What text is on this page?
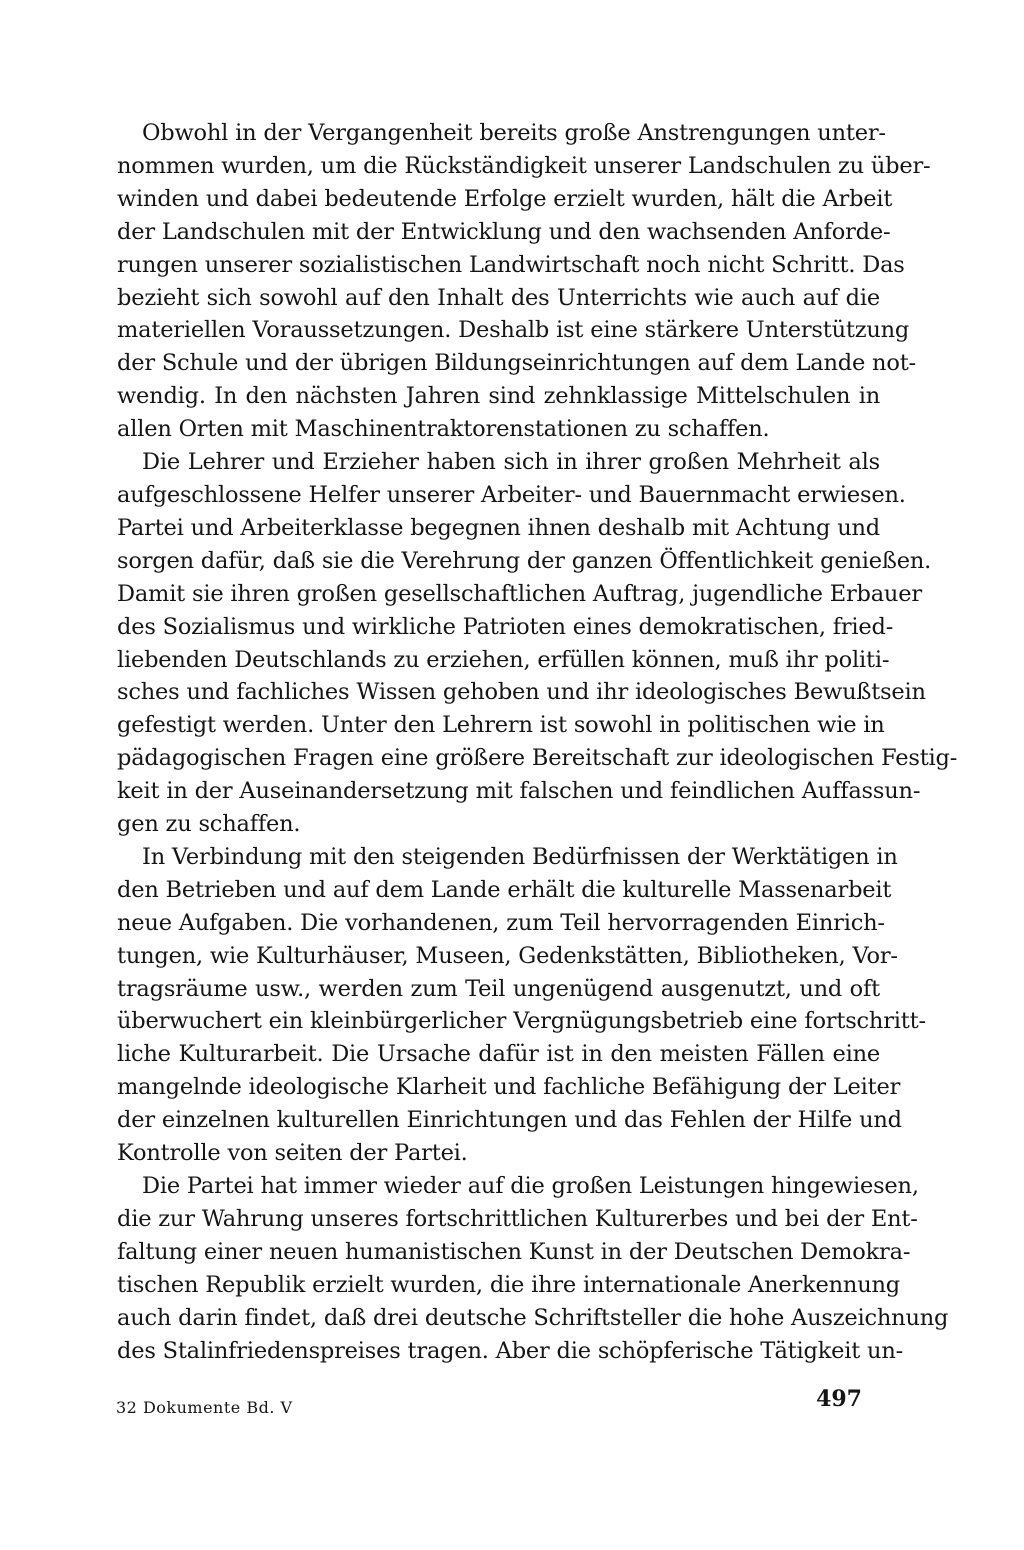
Obwohl in der Vergangenheit bereits große Anstrengungen unter-
nommen wurden, um die Rückständigkeit unserer Landschulen zu über-
winden und dabei bedeutende Erfolge erzielt wurden, hält die Arbeit
der Landschulen mit der Entwicklung und den wachsenden Anforde-
rungen unserer sozialistischen Landwirtschaft noch nicht Schritt. Das
bezieht sich sowohl auf den Inhalt des Unterrichts wie auch auf die
materiellen Voraussetzungen. Deshalb ist eine stärkere Unterstützung
der Schule und der übrigen Bildungseinrichtungen auf dem Lande not-
wendig. In den nächsten Jahren sind zehnklassige Mittelschulen in
allen Orten mit Maschinentraktorenstationen zu schaffen.
Die Lehrer und Erzieher haben sich in ihrer großen Mehrheit als
aufgeschlossene Helfer unserer Arbeiter- und Bauernmacht erwiesen.
Partei und Arbeiterklasse begegnen ihnen deshalb mit Achtung und
sorgen dafür, daß sie die Verehrung der ganzen Öffentlichkeit genießen.
Damit sie ihren großen gesellschaftlichen Auftrag, jugendliche Erbauer
des Sozialismus und wirkliche Patrioten eines demokratischen, fried-
liebenden Deutschlands zu erziehen, erfüllen können, muß ihr politi-
sches und fachliches Wissen gehoben und ihr ideologisches Bewußtsein
gefestigt werden. Unter den Lehrern ist sowohl in politischen wie in
pädagogischen Fragen eine größere Bereitschaft zur ideologischen Festig-
keit in der Auseinandersetzung mit falschen und feindlichen Auffassun-
gen zu schaffen.
In Verbindung mit den steigenden Bedürfnissen der Werktätigen in
den Betrieben und auf dem Lande erhält die kulturelle Massenarbeit
neue Aufgaben. Die vorhandenen, zum Teil hervorragenden Einrich-
tungen, wie Kulturhäuser, Museen, Gedenkstätten, Bibliotheken, Vor-
tragsräume usw., werden zum Teil ungenügend ausgenutzt, und oft
überwuchert ein kleinbürgerlicher Vergnügungsbetrieb eine fortschritt-
liche Kulturarbeit. Die Ursache dafür ist in den meisten Fällen eine
mangelnde ideologische Klarheit und fachliche Befähigung der Leiter
der einzelnen kulturellen Einrichtungen und das Fehlen der Hilfe und
Kontrolle von seiten der Partei.
Die Partei hat immer wieder auf die großen Leistungen hingewiesen,
die zur Wahrung unseres fortschrittlichen Kulturerbes und bei der Ent-
faltung einer neuen humanistischen Kunst in der Deutschen Demokra-
tischen Republik erzielt wurden, die ihre internationale Anerkennung
auch darin findet, daß drei deutsche Schriftsteller die hohe Auszeichnung
des Stalinfriedenspreises tragen. Aber die schöpferische Tätigkeit un-
32 Dokumente Bd. V	497
